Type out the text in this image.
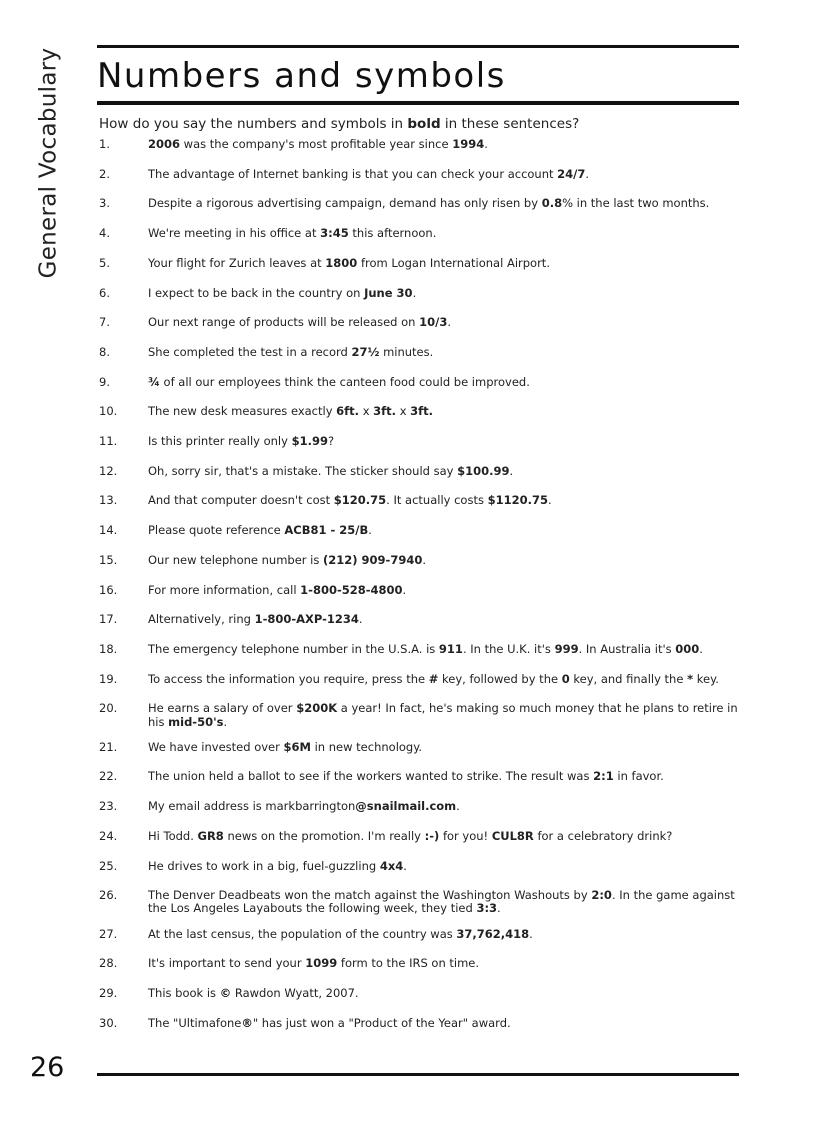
General Vocabulary Numbers and symbols

How do you say the numbers and symbols in bold in these sentences?

1.	2006 was the company's most profitable year since 1994.
2.	The advantage of Internet banking is that you can check your account 24/7.
3.	Despite a rigorous advertising campaign, demand has only risen by 0.8% in the last two months.
4.	We're meeting in his office at 3:45 this afternoon.
5.	Your flight for Zurich leaves at 1800 from Logan International Airport.
6.	I expect to be back in the country on June 30.
7.	Our next range of products will be released on 10/3.
8.	She completed the test in a record 27½ minutes.
9.	¾ of all our employees think the canteen food could be improved.
10.	The new desk measures exactly 6ft. x 3ft. x 3ft.
11.	Is this printer really only $1.99?
12.	Oh, sorry sir, that's a mistake. The sticker should say $100.99.
13.	And that computer doesn't cost $120.75. It actually costs $1120.75.
14.	Please quote reference ACB81 - 25/B.
15.	Our new telephone number is (212) 909-7940.
16.	For more information, call 1-800-528-4800.
17.	Alternatively, ring 1-800-AXP-1234.
18.	The emergency telephone number in the U.S.A. is 911. In the U.K. it's 999. In Australia it's 000.
19.	To access the information you require, press the # key, followed by the 0 key, and finally the * key.
20.	He earns a salary of over $200K a year! In fact, he's making so much money that he plans to retire in his mid-50's.
21.	We have invested over $6M in new technology.
22.	The union held a ballot to see if the workers wanted to strike. The result was 2:1 in favor.
23.	My email address is markbarrington@snailmail.com.
24.	Hi Todd. GR8 news on the promotion. I'm really :-) for you! CUL8R for a celebratory drink?
25.	He drives to work in a big, fuel-guzzling 4x4.
26.	The Denver Deadbeats won the match against the Washington Washouts by 2:0. In the game against the Los Angeles Layabouts the following week, they tied 3:3.
27.	At the last census, the population of the country was 37,762,418.
28.	It's important to send your 1099 form to the IRS on time.
29.	This book is © Rawdon Wyatt, 2007.
30.	The "Ultimafone®" has just won a "Product of the Year" award.
26
